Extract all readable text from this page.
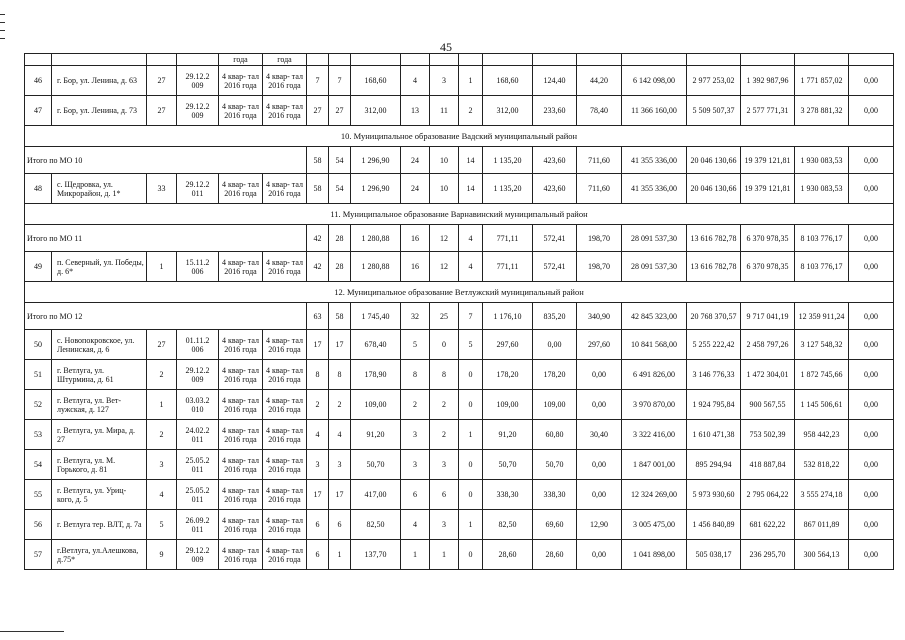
45
				года	года														
46	г. Бор, ул. Ленина, д. 63	27	29.12.2 009	4 квар- тал 2016 года	4 квар- тал 2016 года	7	7	168,60	4	3	1	168,60	124,40	44,20	6 142 098,00	2 977 253,02	1 392 987,96	1 771 857,02	0,00
47	г. Бор, ул. Ленина, д. 73	27	29.12.2 009	4 квар- тал 2016 года	4 квар- тал 2016 года	27	27	312,00	13	11	2	312,00	233,60	78,40	11 366 160,00	5 509 507,37	2 577 771,31	3 278 881,32	0,00
10. Муниципальное образование Вадский муниципальный район																			
Итого по МО 10						58	54	1 296,90	24	10	14	1 135,20	423,60	711,60	41 355 336,00	20 046 130,66	19 379 121,81	1 930 083,53	0,00
48	с. Щедровка, ул. Микрорайон, д. 1*	33	29.12.2 011	4 квар- тал 2016 года	4 квар- тал 2016 года	58	54	1 296,90	24	10	14	1 135,20	423,60	711,60	41 355 336,00	20 046 130,66	19 379 121,81	1 930 083,53	0,00
11. Муниципальное образование Варнавинский муниципальный район																			
Итого по МО 11						42	28	1 280,88	16	12	4	771,11	572,41	198,70	28 091 537,30	13 616 782,78	6 370 978,35	8 103 776,17	0,00
49	п. Северный, ул. Победы, д. 6*	1	15.11.2 006	4 квар- тал 2016 года	4 квар- тал 2016 года	42	28	1 280,88	16	12	4	771,11	572,41	198,70	28 091 537,30	13 616 782,78	6 370 978,35	8 103 776,17	0,00
12. Муниципальное образование Ветлужский муниципальный район																			
Итого по МО 12						63	58	1 745,40	32	25	7	1 176,10	835,20	340,90	42 845 323,00	20 768 370,57	9 717 041,19	12 359 911,24	0,00
50	с. Новопокровское, ул. Ленинская, д. 6	27	01.11.2 006	4 квар- тал 2016 года	4 квар- тал 2016 года	17	17	678,40	5	0	5	297,60	0,00	297,60	10 841 568,00	5 255 222,42	2 458 797,26	3 127 548,32	0,00
51	г. Ветлуга, ул. Штурмина, д. 61	2	29.12.2 009	4 квар- тал 2016 года	4 квар- тал 2016 года	8	8	178,90	8	8	0	178,20	178,20	0,00	6 491 826,00	3 146 776,33	1 472 304,01	1 872 745,66	0,00
52	г. Ветлуга, ул. Вет- лужская, д. 127	1	03.03.2 010	4 квар- тал 2016 года	4 квар- тал 2016 года	2	2	109,00	2	2	0	109,00	109,00	0,00	3 970 870,00	1 924 795,84	900 567,55	1 145 506,61	0,00
53	г. Ветлуга, ул. Мира, д. 27	2	24.02.2 011	4 квар- тал 2016 года	4 квар- тал 2016 года	4	4	91,20	3	2	1	91,20	60,80	30,40	3 322 416,00	1 610 471,38	753 502,39	958 442,23	0,00
54	г. Ветлуга, ул. М. Горького, д. 81	3	25.05.2 011	4 квар- тал 2016 года	4 квар- тал 2016 года	3	3	50,70	3	3	0	50,70	50,70	0,00	1 847 001,00	895 294,94	418 887,84	532 818,22	0,00
55	г. Ветлуга, ул. Уриц- кого, д. 5	4	25.05.2 011	4 квар- тал 2016 года	4 квар- тал 2016 года	17	17	417,00	6	6	0	338,30	338,30	0,00	12 324 269,00	5 973 930,60	2 795 064,22	3 555 274,18	0,00
56	г. Ветлуга тер. ВЛТ, д. 7а	5	26.09.2 011	4 квар- тал 2016 года	4 квар- тал 2016 года	6	6	82,50	4	3	1	82,50	69,60	12,90	3 005 475,00	1 456 840,89	681 622,22	867 011,89	0,00
57	г.Ветлуга, ул.Алешкова, д.75*	9	29.12.2 009	4 квар- тал 2016 года	4 квар- тал 2016 года	6	1	137,70	1	1	0	28,60	28,60	0,00	1 041 898,00	505 038,17	236 295,70	300 564,13	0,00
